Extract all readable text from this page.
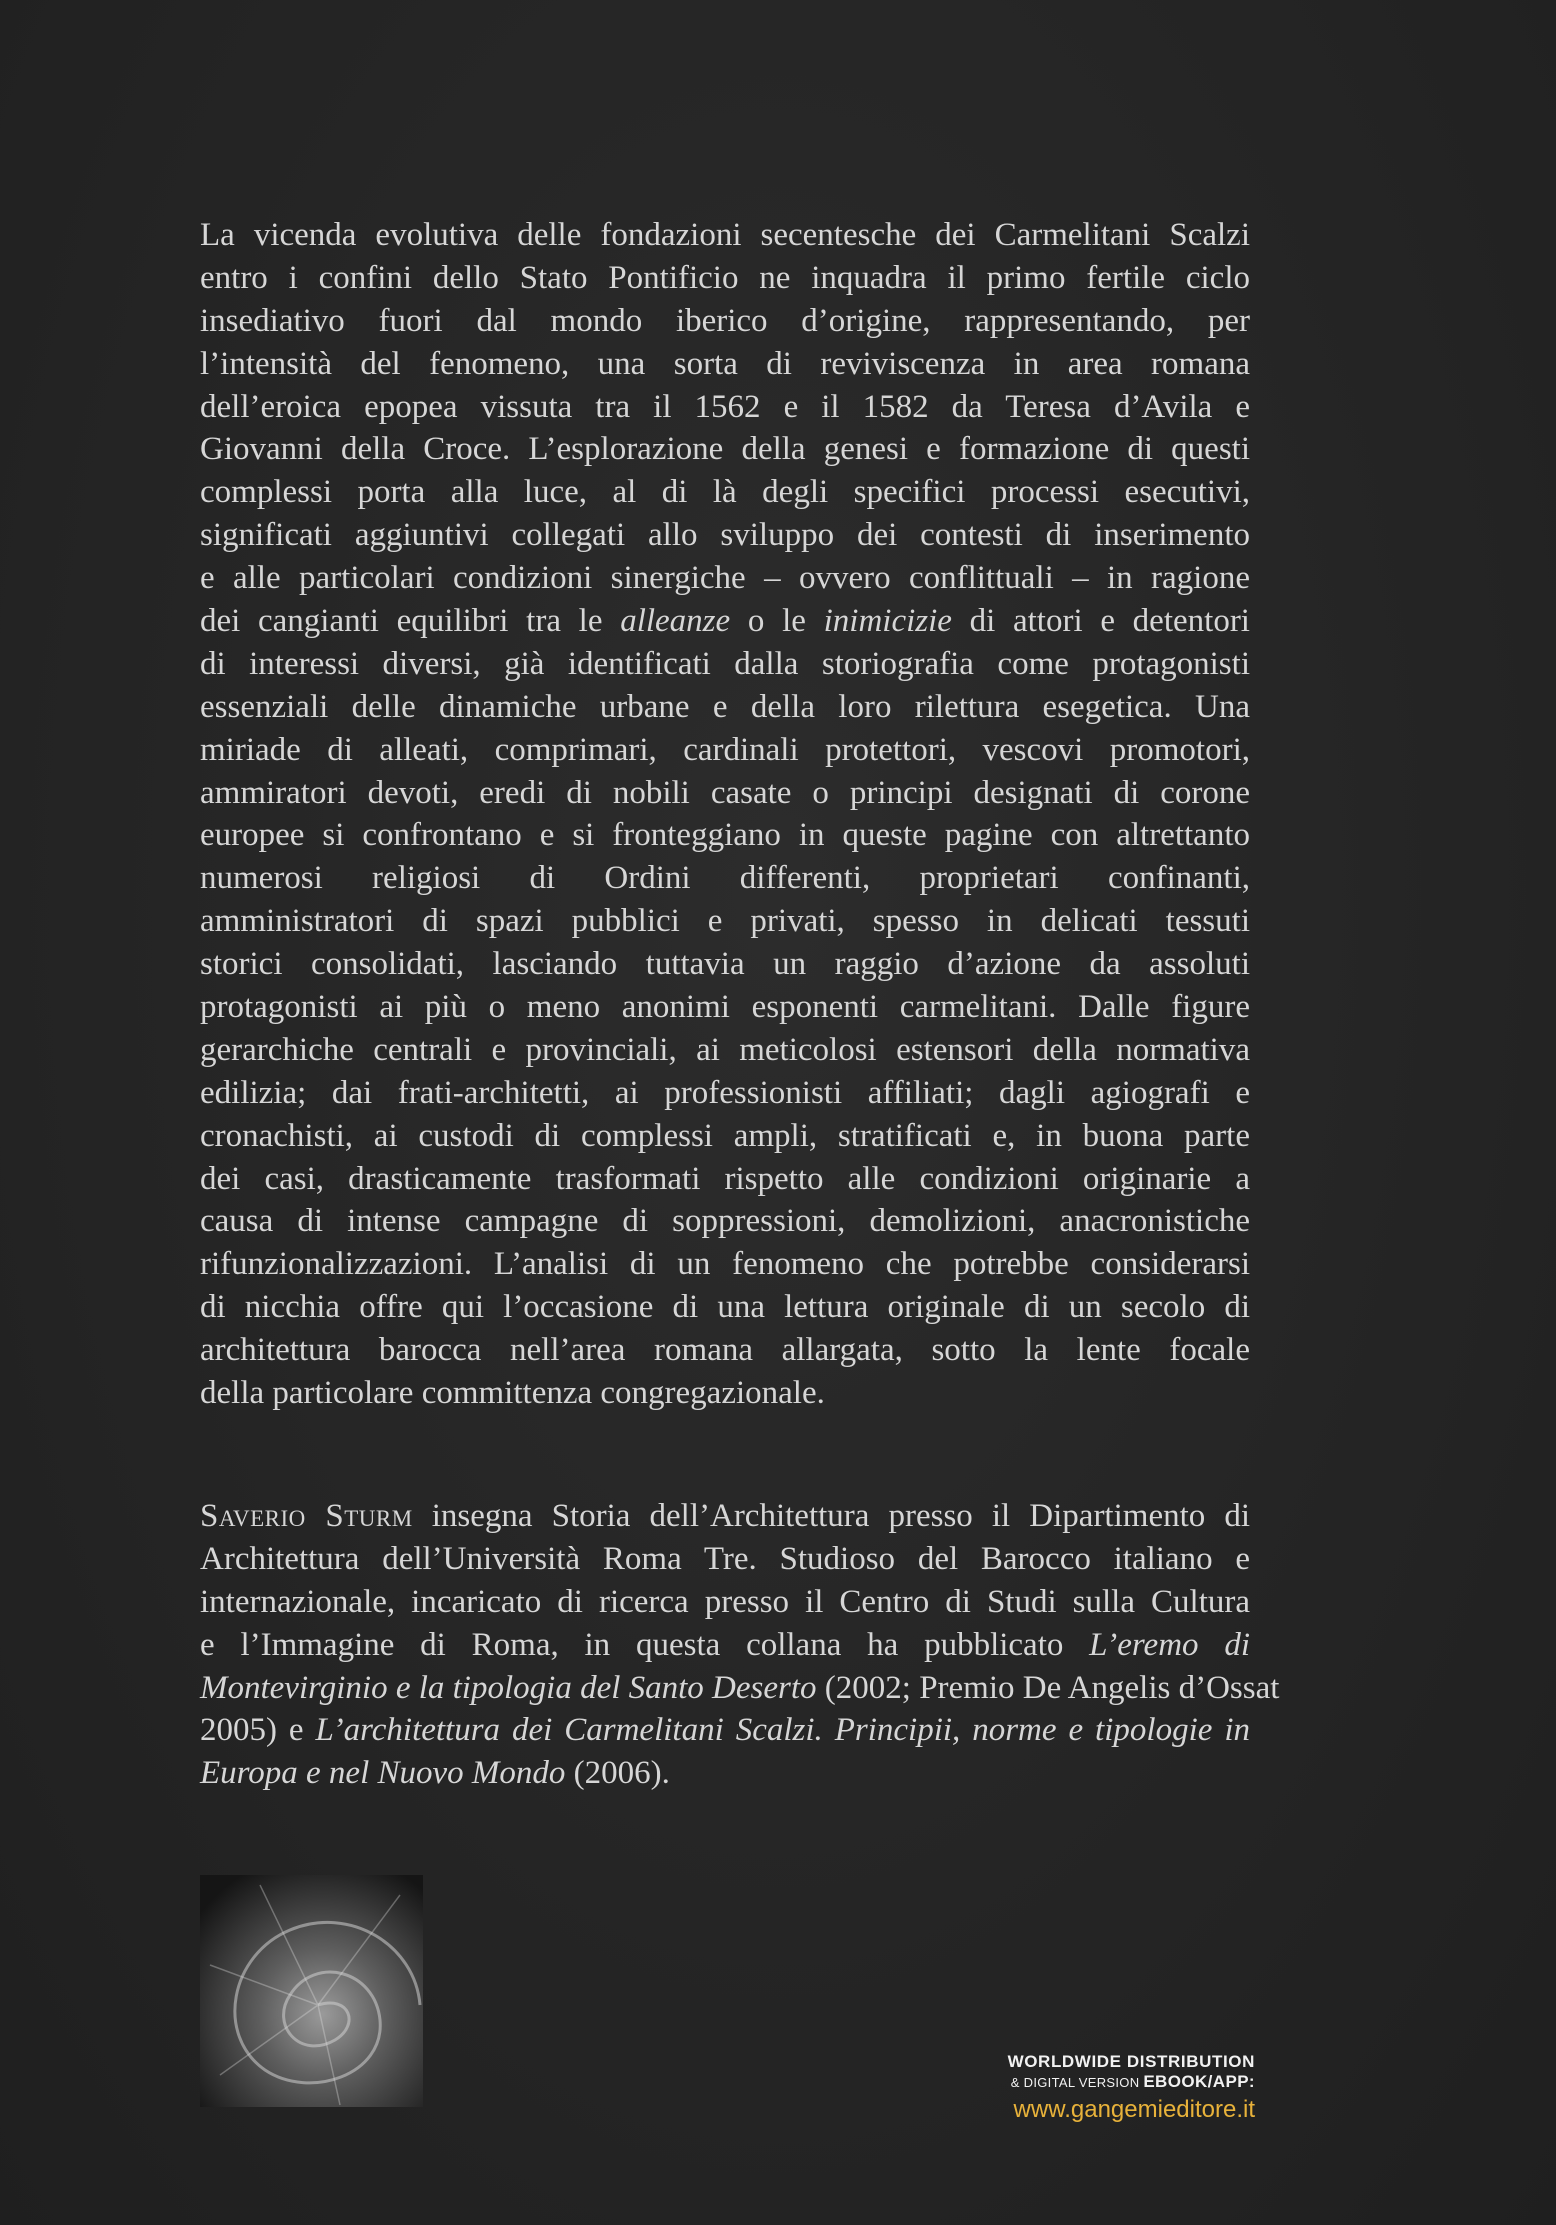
La vicenda evolutiva delle fondazioni secentesche dei Carmelitani Scalzi
entro i confini dello Stato Pontificio ne inquadra il primo fertile ciclo
insediativo fuori dal mondo iberico d’origine, rappresentando, per
l’intensità del fenomeno, una sorta di reviviscenza in area romana
dell’eroica epopea vissuta tra il 1562 e il 1582 da Teresa d’Avila e
Giovanni della Croce. L’esplorazione della genesi e formazione di questi
complessi porta alla luce, al di là degli specifici processi esecutivi,
significati aggiuntivi collegati allo sviluppo dei contesti di inserimento
e alle particolari condizioni sinergiche – ovvero conflittuali – in ragione
dei cangianti equilibri tra le alleanze o le inimicizie di attori e detentori
di interessi diversi, già identificati dalla storiografia come protagonisti
essenziali delle dinamiche urbane e della loro rilettura esegetica. Una
miriade di alleati, comprimari, cardinali protettori, vescovi promotori,
ammiratori devoti, eredi di nobili casate o principi designati di corone
europee si confrontano e si fronteggiano in queste pagine con altrettanto
numerosi religiosi di Ordini differenti, proprietari confinanti,
amministratori di spazi pubblici e privati, spesso in delicati tessuti
storici consolidati, lasciando tuttavia un raggio d’azione da assoluti
protagonisti ai più o meno anonimi esponenti carmelitani. Dalle figure
gerarchiche centrali e provinciali, ai meticolosi estensori della normativa
edilizia; dai frati-architetti, ai professionisti affiliati; dagli agiografi e
cronachisti, ai custodi di complessi ampli, stratificati e, in buona parte
dei casi, drasticamente trasformati rispetto alle condizioni originarie a
causa di intense campagne di soppressioni, demolizioni, anacronistiche
rifunzionalizzazioni. L’analisi di un fenomeno che potrebbe considerarsi
di nicchia offre qui l’occasione di una lettura originale di un secolo di
architettura barocca nell’area romana allargata, sotto la lente focale
della particolare committenza congregazionale.
Saverio Sturm insegna Storia dell’Architettura presso il Dipartimento di
Architettura dell’Università Roma Tre. Studioso del Barocco italiano e
internazionale, incaricato di ricerca presso il Centro di Studi sulla Cultura
e l’Immagine di Roma, in questa collana ha pubblicato L’eremo di
Montevirginio e la tipologia del Santo Deserto (2002; Premio De Angelis d’Ossat
2005) e L’architettura dei Carmelitani Scalzi. Principii, norme e tipologie in
Europa e nel Nuovo Mondo (2006).
WORLDWIDE DISTRIBUTION
& DIGITAL VERSION EBOOK/APP:
www.gangemieditore.it
